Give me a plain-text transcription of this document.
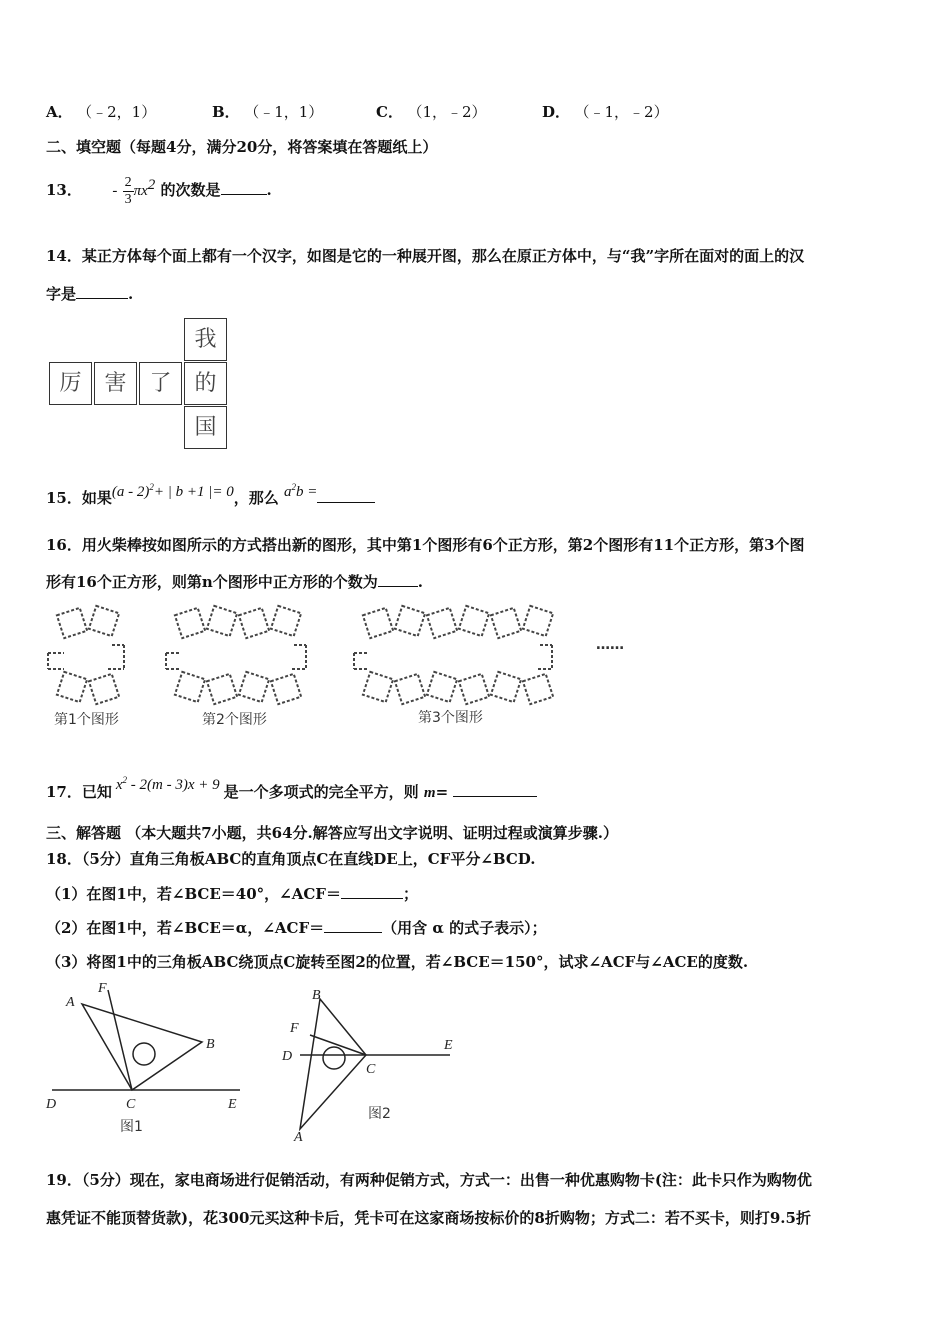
A． （﹣2，1）	B． （﹣1，1）	C． （1，﹣2）	D． （﹣1，﹣2）
二、填空题（每题4分，满分20分，将答案填在答题纸上）
13． - $\frac{2}{3} \pi x^2$ 的次数是	.
14．某正方体每个面上都有一个汉字，如图是它的一种展开图，那么在原正方体中，与“我”字所在面对的面上的汉
字是	.
我
厉	害	了	的
国
15．如果(a - 2)$^2$+ | b +1 |= 0，那么 $a^2b$ =
16．用火柴棒按如图所示的方式搭出新的图形，其中第1个图形有6个正方形，第2个图形有11个正方形，第3个图
形有16个正方形，则第n个图形中正方形的个数为	.
第1个图形	第2个图形	第3个图形
……
17．已知 $x^2 - 2(m - 3)x + 9$ 是一个多项式的完全平方，则 m=
三、解答题 （本大题共7小题，共64分.解答应写出文字说明、证明过程或演算步骤.）
18．（5分）直角三角板ABC的直角顶点C在直线DE上，CF平分∠BCD.
（1）在图1中，若∠BCE＝40°，∠ACF＝	；
（2）在图1中，若∠BCE＝α，∠ACF＝	（用含 α 的式子表示）；
（3）将图1中的三角板ABC绕顶点C旋转至图2的位置，若∠BCE＝150°，试求∠ACF与∠ACE的度数.
A
F
B
D	C	E
图1
B
F
D
C
E
A
图2
19．（5分）现在，家电商场进行促销活动，有两种促销方式，方式一：出售一种优惠购物卡(注：此卡只作为购物优
惠凭证不能顶替货款)，花300元买这种卡后，凭卡可在这家商场按标价的8折购物；方式二：若不买卡，则打9.5折
